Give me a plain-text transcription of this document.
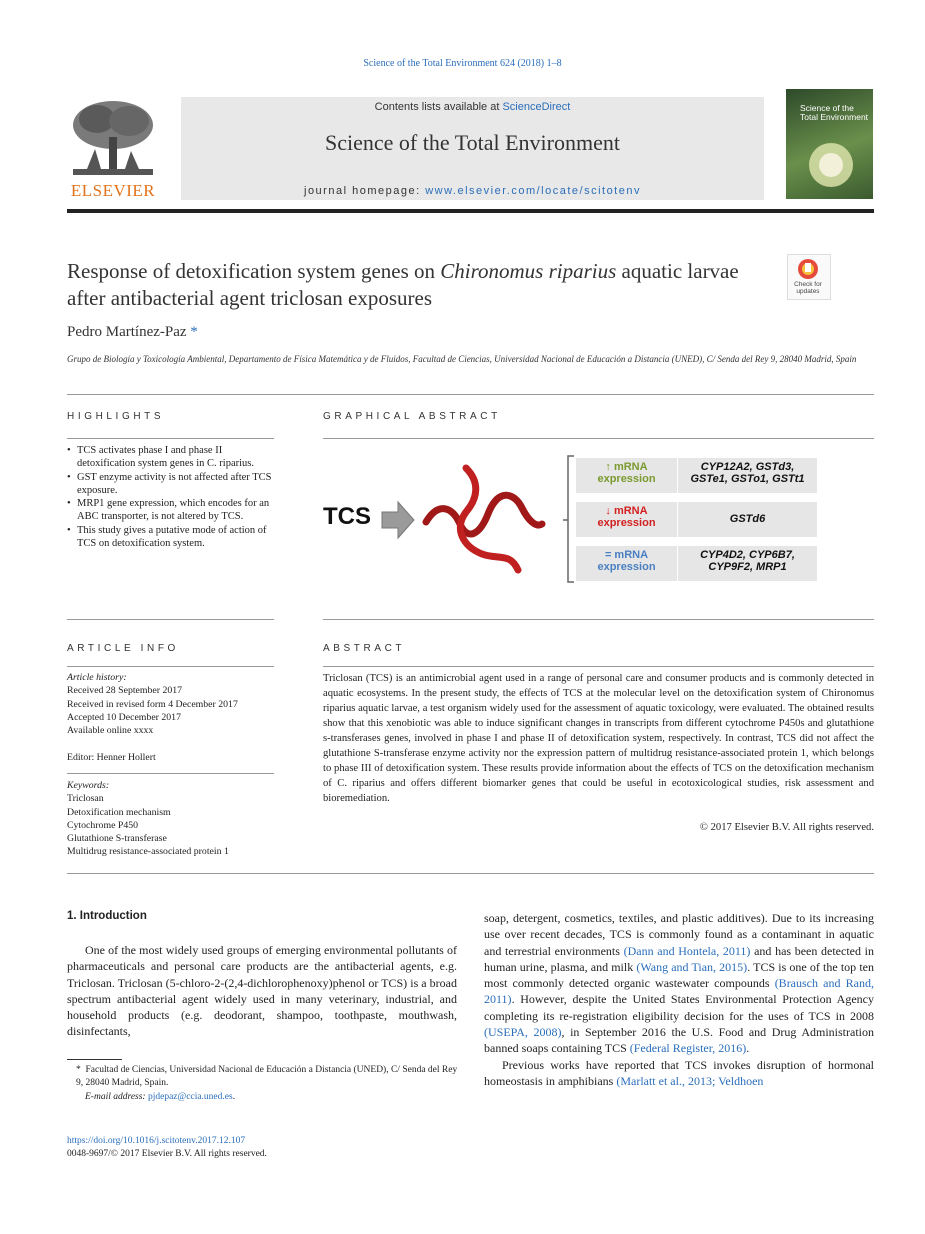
Science of the Total Environment 624 (2018) 1–8
ELSEVIER
Contents lists available at ScienceDirect
Science of the Total Environment
journal homepage: www.elsevier.com/locate/scitotenv
Science of the Total Environment
Response of detoxification system genes on Chironomus riparius aquatic larvae after antibacterial agent triclosan exposures
Check for
updates
Pedro Martínez-Paz *
Grupo de Biología y Toxicología Ambiental, Departamento de Física Matemática y de Fluidos, Facultad de Ciencias, Universidad Nacional de Educación a Distancia (UNED), C/ Senda del Rey 9, 28040 Madrid, Spain
HIGHLIGHTS
• TCS activates phase I and phase II detoxification system genes in C. riparius.
• GST enzyme activity is not affected after TCS exposure.
• MRP1 gene expression, which encodes for an ABC transporter, is not altered by TCS.
• This study gives a putative mode of action of TCS on detoxification system.
GRAPHICAL ABSTRACT
TCS
↑ mRNA
expression
CYP12A2, GSTd3,
GSTe1, GSTo1, GSTt1
↓ mRNA
expression	GSTd6
= mRNA
expression
CYP4D2, CYP6B7,
CYP9F2, MRP1
ARTICLE INFO
Article history:
Received 28 September 2017
Received in revised form 4 December 2017
Accepted 10 December 2017
Available online xxxx
Editor: Henner Hollert
Keywords:
Triclosan
Detoxification mechanism
Cytochrome P450
Glutathione S-transferase
Multidrug resistance-associated protein 1
ABSTRACT
Triclosan (TCS) is an antimicrobial agent used in a range of personal care and consumer products and is commonly detected in aquatic ecosystems. In the present study, the effects of TCS at the molecular level on the detoxification system of Chironomus riparius aquatic larvae, a test organism widely used for the assessment of aquatic toxicology, were evaluated. The obtained results show that this xenobiotic was able to induce significant changes in transcripts from different cytochrome P450s and glutathione s-transferases genes, involved in phase I and phase II of detoxification system, respectively. In contrast, TCS did not affect the glutathione S-transferase enzyme activity nor the expression pattern of multidrug resistance-associated protein 1, which belongs to phase III of detoxification system. These results provide information about the effects of TCS on the detoxification mechanism of C. riparius and offers different biomarker genes that could be useful in ecotoxicological studies, risk assessment and bioremediation.
© 2017 Elsevier B.V. All rights reserved.
1. Introduction

One of the most widely used groups of emerging environmental pollutants of pharmaceuticals and personal care products are the antibacterial agents, e.g. Triclosan. Triclosan (5-chloro-2-(2,4-dichlorophenoxy)phenol or TCS) is a broad spectrum antibacterial agent widely used in many veterinary, industrial, and household products (e.g. deodorant, shampoo, toothpaste, mouthwash, disinfectants,

soap, detergent, cosmetics, textiles, and plastic additives). Due to its increasing use over recent decades, TCS is commonly found as a contaminant in aquatic and terrestrial environments (Dann and Hontela, 2011) and has been detected in human urine, plasma, and milk (Wang and Tian, 2015). TCS is one of the top ten most commonly detected organic wastewater compounds (Brausch and Rand, 2011). However, despite the United States Environmental Protection Agency completing its re-registration eligibility decision for the uses of TCS in 2008 (USEPA, 2008), in September 2016 the U.S. Food and Drug Administration banned soaps containing TCS (Federal Register, 2016).

Previous works have reported that TCS invokes disruption of hormonal homeostasis in amphibians (Marlatt et al., 2013; Veldhoen

* Facultad de Ciencias, Universidad Nacional de Educación a Distancia (UNED), C/ Senda del Rey 9, 28040 Madrid, Spain.
E-mail address: pjdepaz@ccia.uned.es.
https://doi.org/10.1016/j.scitotenv.2017.12.107
0048-9697/© 2017 Elsevier B.V. All rights reserved.
